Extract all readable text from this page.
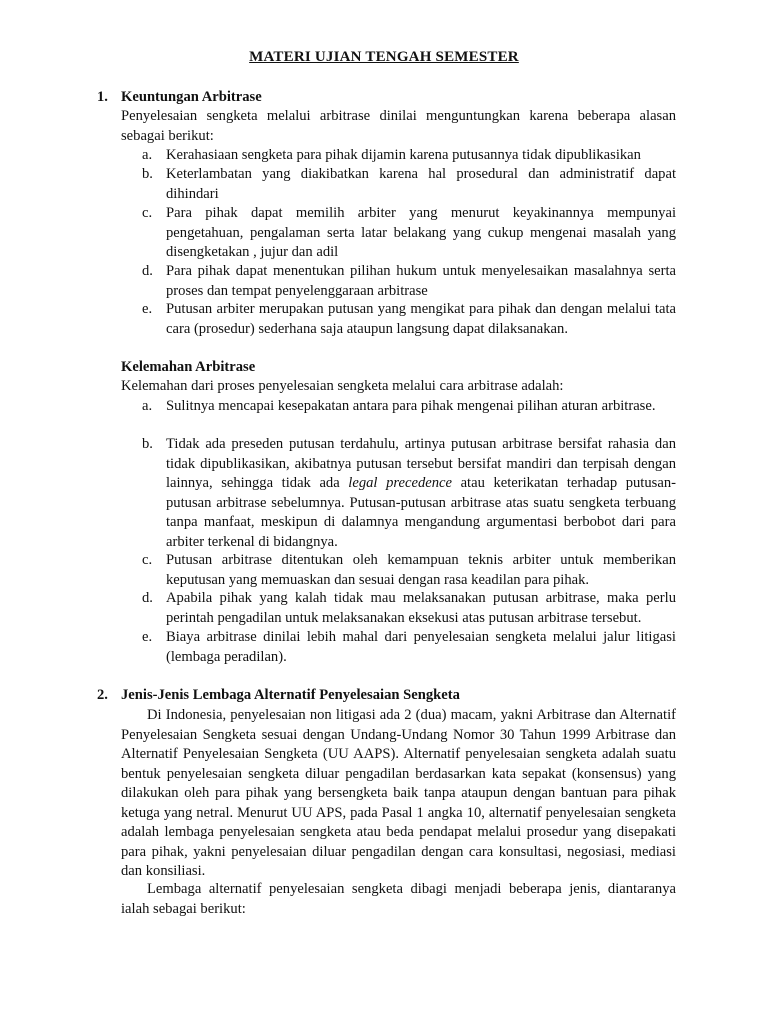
MATERI UJIAN TENGAH SEMESTER
1. Keuntungan Arbitrase
Penyelesaian sengketa melalui arbitrase dinilai menguntungkan karena beberapa alasan sebagai berikut:
a. Kerahasiaan sengketa para pihak dijamin karena putusannya tidak dipublikasikan
b. Keterlambatan yang diakibatkan karena hal prosedural dan administratif dapat dihindari
c. Para pihak dapat memilih arbiter yang menurut keyakinannya mempunyai pengetahuan, pengalaman serta latar belakang yang cukup mengenai masalah yang disengketakan , jujur dan adil
d. Para pihak dapat menentukan pilihan hukum untuk menyelesaikan masalahnya serta proses dan tempat penyelenggaraan arbitrase
e. Putusan arbiter merupakan putusan yang mengikat para pihak dan dengan melalui tata cara (prosedur) sederhana saja ataupun langsung dapat dilaksanakan.
Kelemahan Arbitrase
Kelemahan dari proses penyelesaian sengketa melalui cara arbitrase adalah:
a. Sulitnya mencapai kesepakatan antara para pihak mengenai pilihan aturan arbitrase.
b. Tidak ada preseden putusan terdahulu, artinya putusan arbitrase bersifat rahasia dan tidak dipublikasikan, akibatnya putusan tersebut bersifat mandiri dan terpisah dengan lainnya, sehingga tidak ada legal precedence atau keterikatan terhadap putusan-putusan arbitrase sebelumnya. Putusan-putusan arbitrase atas suatu sengketa terbuang tanpa manfaat, meskipun di dalamnya mengandung argumentasi berbobot dari para arbiter terkenal di bidangnya.
c. Putusan arbitrase ditentukan oleh kemampuan teknis arbiter untuk memberikan keputusan yang memuaskan dan sesuai dengan rasa keadilan para pihak.
d. Apabila pihak yang kalah tidak mau melaksanakan putusan arbitrase, maka perlu perintah pengadilan untuk melaksanakan eksekusi atas putusan arbitrase tersebut.
e. Biaya arbitrase dinilai lebih mahal dari penyelesaian sengketa melalui jalur litigasi (lembaga peradilan).
2. Jenis-Jenis Lembaga Alternatif Penyelesaian Sengketa
Di Indonesia, penyelesaian non litigasi ada 2 (dua) macam, yakni Arbitrase dan Alternatif Penyelesaian Sengketa sesuai dengan Undang-Undang Nomor 30 Tahun 1999 Arbitrase dan Alternatif Penyelesaian Sengketa (UU AAPS). Alternatif penyelesaian sengketa adalah suatu bentuk penyelesaian sengketa diluar pengadilan berdasarkan kata sepakat (konsensus) yang dilakukan oleh para pihak yang bersengketa baik tanpa ataupun dengan bantuan para pihak ketuga yang netral. Menurut UU APS, pada Pasal 1 angka 10, alternatif penyelesaian sengketa adalah lembaga penyelesaian sengketa atau beda pendapat melalui prosedur yang disepakati para pihak, yakni penyelesaian diluar pengadilan dengan cara konsultasi, negosiasi, mediasi dan konsiliasi.
Lembaga alternatif penyelesaian sengketa dibagi menjadi beberapa jenis, diantaranya ialah sebagai berikut:
